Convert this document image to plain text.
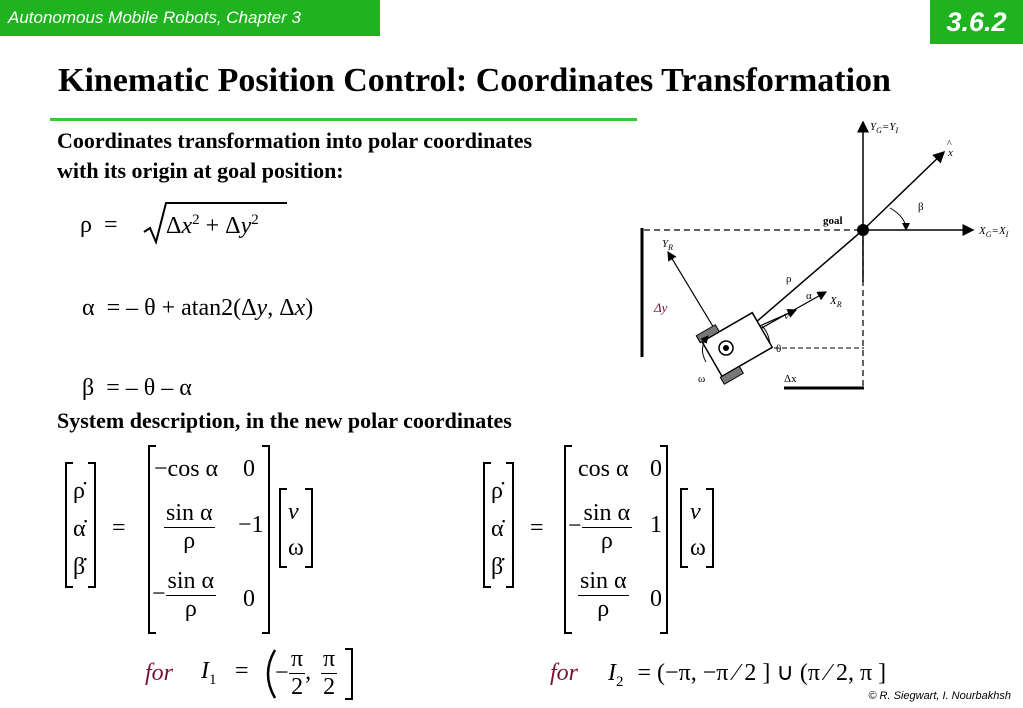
Autonomous Mobile Robots, Chapter 3	3.6.2
Kinematic Position Control: Coordinates Transformation
Coordinates transformation into polar coordinates
with its origin at goal position:
$\rho = \Delta x^2 + \Delta y^2$
α  = – θ + atan2(Δy, Δx)
β  = – θ – α
System description, in the new polar coordinates
ρ̇
α̇
β̇
=
−cos α 0
$\frac{\text{sin α}}{\rho} -1$
− $\frac{\text{sin α}}{\rho} 0$
v
ω
ρ̇
α̇
β̇
=
cos α 0
− $\frac{\text{sin α}}{\rho} 1$
$\frac{\text{sin α}}{\rho} 0$
v
ω
for $I_1$ = − $\frac{\pi}{2}$ , $\frac{\pi}{2}$	for $I_2 = (-\pi$, −π ⁄ 2 ] ∪ (π ⁄ 2, π ]
$Y_G=Y_I$
$X_G=X_I$
goal
x
^
β
Δy
Δx
$Y_R$
$X_R$
v
ρ
α
θ
ω
© R. Siegwart, I. Nourbakhsh
